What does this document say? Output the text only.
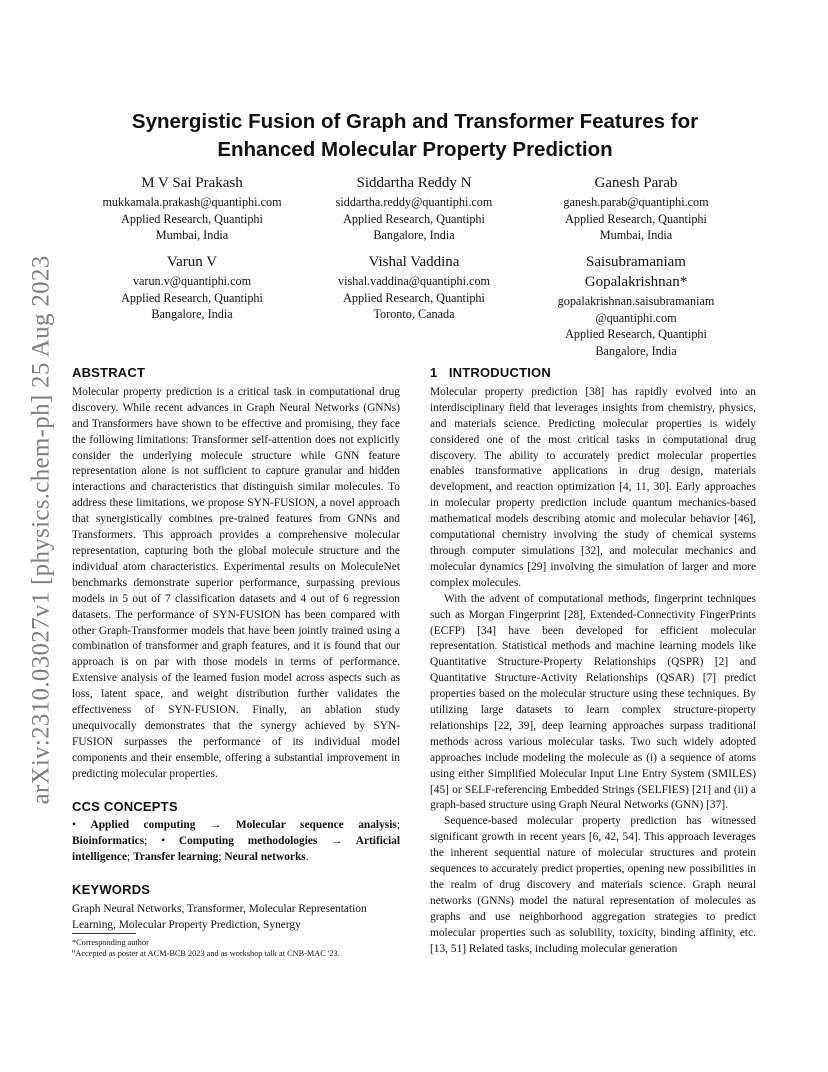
arXiv:2310.03027v1 [physics.chem-ph] 25 Aug 2023
Synergistic Fusion of Graph and Transformer Features for Enhanced Molecular Property Prediction
M V Sai Prakash
mukkamala.prakash@quantiphi.com
Applied Research, Quantiphi
Mumbai, India
Siddartha Reddy N
siddartha.reddy@quantiphi.com
Applied Research, Quantiphi
Bangalore, India
Ganesh Parab
ganesh.parab@quantiphi.com
Applied Research, Quantiphi
Mumbai, India
Varun V
varun.v@quantiphi.com
Applied Research, Quantiphi
Bangalore, India
Vishal Vaddina
vishal.vaddina@quantiphi.com
Applied Research, Quantiphi
Toronto, Canada
Saisubramaniam
Gopalakrishnan*
gopalakrishnan.saisubramaniam
@quantiphi.com
Applied Research, Quantiphi
Bangalore, India
ABSTRACT

Molecular property prediction is a critical task in computational drug discovery. While recent advances in Graph Neural Networks (GNNs) and Transformers have shown to be effective and promising, they face the following limitations: Transformer self-attention does not explicitly consider the underlying molecule structure while GNN feature representation alone is not sufficient to capture granular and hidden interactions and characteristics that distinguish similar molecules. To address these limitations, we propose SYN-FUSION, a novel approach that synergistically combines pre-trained features from GNNs and Transformers. This approach provides a comprehensive molecular representation, capturing both the global molecule structure and the individual atom characteristics. Experimental results on MoleculeNet benchmarks demonstrate superior performance, surpassing previous models in 5 out of 7 classification datasets and 4 out of 6 regression datasets. The performance of SYN-FUSION has been compared with other Graph-Transformer models that have been jointly trained using a combination of transformer and graph features, and it is found that our approach is on par with those models in terms of performance. Extensive analysis of the learned fusion model across aspects such as loss, latent space, and weight distribution further validates the effectiveness of SYN-FUSION. Finally, an ablation study unequivocally demonstrates that the synergy achieved by SYN-FUSION surpasses the performance of its individual model components and their ensemble, offering a substantial improvement in predicting molecular properties.

CCS CONCEPTS

• Applied computing → Molecular sequence analysis; Bioinformatics; • Computing methodologies → Artificial intelligence; Transfer learning; Neural networks.

KEYWORDS

Graph Neural Networks, Transformer, Molecular Representation Learning, Molecular Property Prediction, Synergy

*Corresponding author
⁰Accepted as poster at ACM-BCB 2023 and as workshop talk at CNB-MAC '23.
1   INTRODUCTION

Molecular property prediction [38] has rapidly evolved into an interdisciplinary field that leverages insights from chemistry, physics, and materials science. Predicting molecular properties is widely considered one of the most critical tasks in computational drug discovery. The ability to accurately predict molecular properties enables transformative applications in drug design, materials development, and reaction optimization [4, 11, 30]. Early approaches in molecular property prediction include quantum mechanics-based mathematical models describing atomic and molecular behavior [46], computational chemistry involving the study of chemical systems through computer simulations [32], and molecular mechanics and molecular dynamics [29] involving the simulation of larger and more complex molecules.

With the advent of computational methods, fingerprint techniques such as Morgan Fingerprint [28], Extended-Connectivity FingerPrints (ECFP) [34] have been developed for efficient molecular representation. Statistical methods and machine learning models like Quantitative Structure-Property Relationships (QSPR) [2] and Quantitative Structure-Activity Relationships (QSAR) [7] predict properties based on the molecular structure using these techniques. By utilizing large datasets to learn complex structure-property relationships [22, 39], deep learning approaches surpass traditional methods across various molecular tasks. Two such widely adopted approaches include modeling the molecule as (i) a sequence of atoms using either Simplified Molecular Input Line Entry System (SMILES) [45] or SELF-referencing Embedded Strings (SELFIES) [21] and (ii) a graph-based structure using Graph Neural Networks (GNN) [37].

Sequence-based molecular property prediction has witnessed significant growth in recent years [6, 42, 54]. This approach leverages the inherent sequential nature of molecular structures and protein sequences to accurately predict properties, opening new possibilities in the realm of drug discovery and materials science. Graph neural networks (GNNs) model the natural representation of molecules as graphs and use neighborhood aggregation strategies to predict molecular properties such as solubility, toxicity, binding affinity, etc. [13, 51] Related tasks, including molecular generation
